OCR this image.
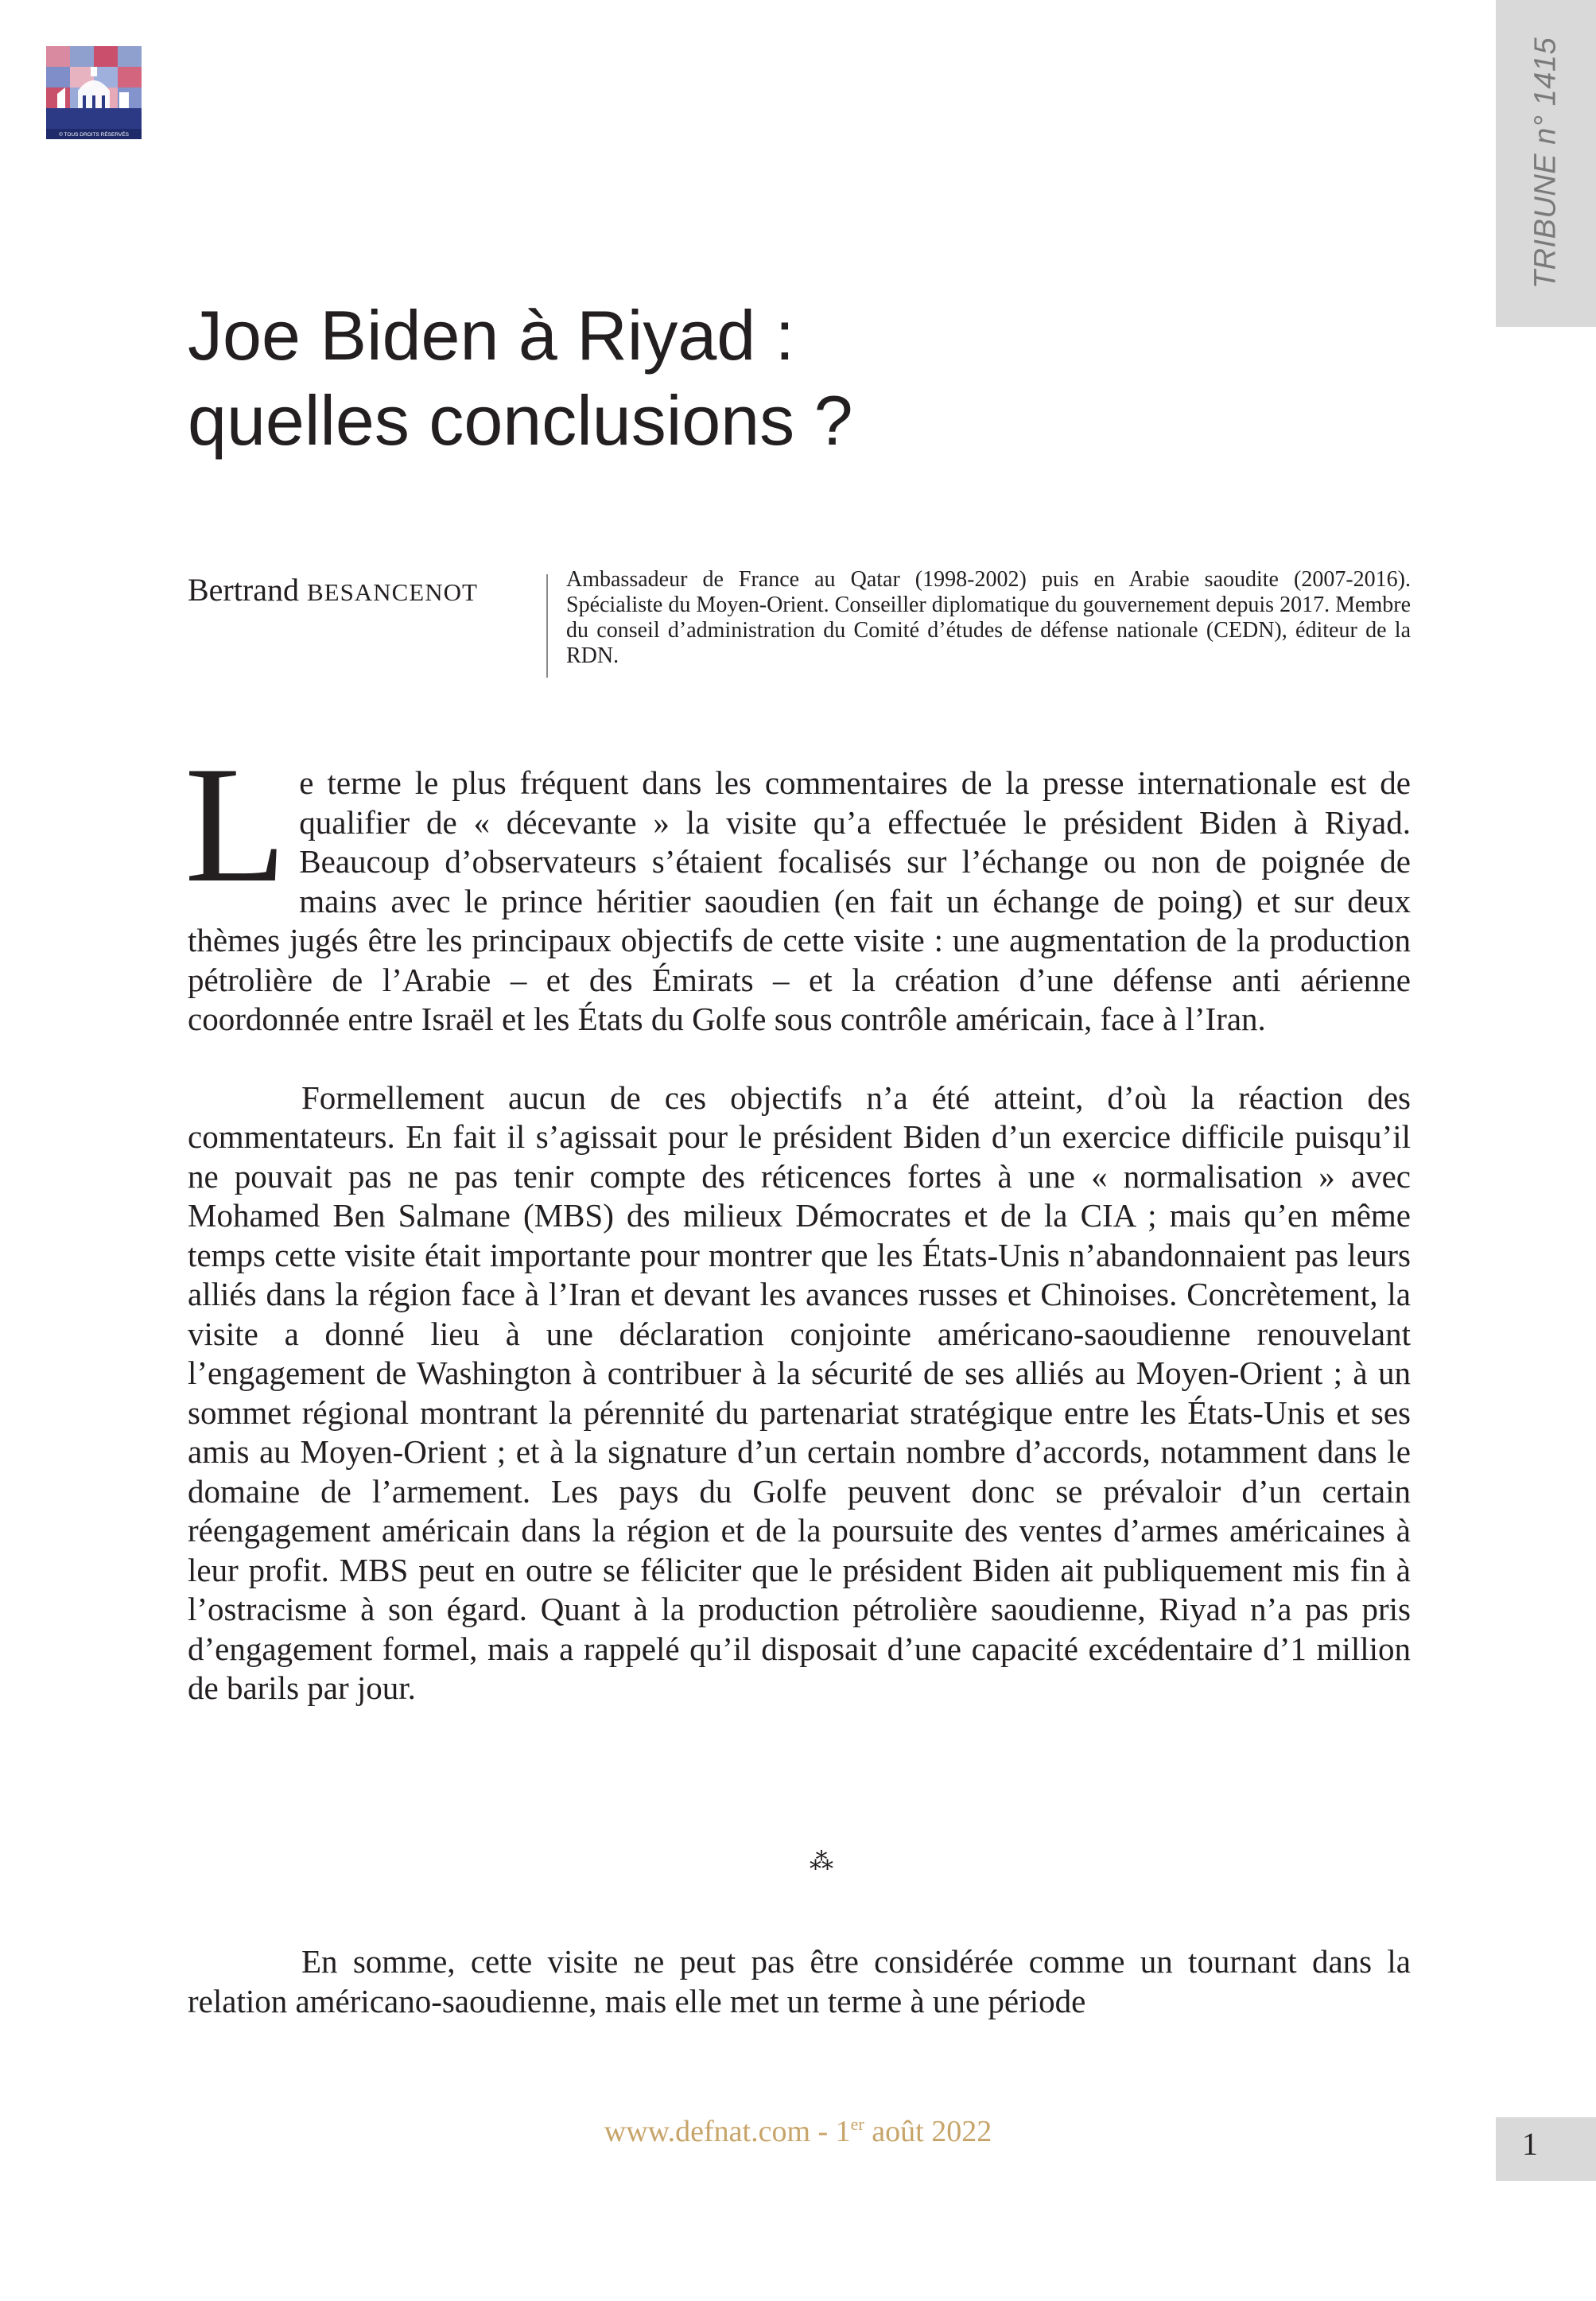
© TOUS DROITS RÉSERVÉS	TRIBUNE n° 1415
Joe Biden à Riyad :
quelles conclusions ?
Bertrand BESANCENOT	Ambassadeur de France au Qatar (1998-2002) puis en Arabie saoudite (2007-2016). Spécialiste du Moyen-Orient. Conseiller diplomatique du gouvernement depuis 2017. Membre du conseil d’administration du Comité d’études de défense nationale (CEDN), éditeur de la RDN.

Le terme le plus fréquent dans les commentaires de la presse internationale est de qualifier de « décevante » la visite qu’a effectuée le président Biden à Riyad. Beaucoup d’observateurs s’étaient focalisés sur l’échange ou non de poignée de mains avec le prince héritier saoudien (en fait un échange de poing) et sur deux thèmes jugés être les principaux objectifs de cette visite : une augmentation de la production pétrolière de l’Arabie – et des Émirats – et la création d’une défense anti aérienne coordonnée entre Israël et les États du Golfe sous contrôle américain, face à l’Iran.

Formellement aucun de ces objectifs n’a été atteint, d’où la réaction des commentateurs. En fait il s’agissait pour le président Biden d’un exercice difficile puisqu’il ne pouvait pas ne pas tenir compte des réticences fortes à une « normalisation » avec Mohamed Ben Salmane (MBS) des milieux Démocrates et de la CIA ; mais qu’en même temps cette visite était importante pour montrer que les États-Unis n’abandonnaient pas leurs alliés dans la région face à l’Iran et devant les avances russes et Chinoises. Concrètement, la visite a donné lieu à une déclaration conjointe américano-saoudienne renouvelant l’engagement de Washington à contribuer à la sécurité de ses alliés au Moyen-Orient ; à un sommet régional montrant la pérennité du partenariat stratégique entre les États-Unis et ses amis au Moyen-Orient ; et à la signature d’un certain nombre d’accords, notamment dans le domaine de l’armement. Les pays du Golfe peuvent donc se prévaloir d’un certain réengagement américain dans la région et de la poursuite des ventes d’armes américaines à leur profit. MBS peut en outre se féliciter que le président Biden ait publiquement mis fin à l’ostracisme à son égard. Quant à la production pétrolière saoudienne, Riyad n’a pas pris d’engagement formel, mais a rappelé qu’il disposait d’une capacité excédentaire d’1 million de barils par jour.

⁂

En somme, cette visite ne peut pas être considérée comme un tournant dans la relation américano-saoudienne, mais elle met un terme à une période

www.defnat.com - 1er août 2022	1
